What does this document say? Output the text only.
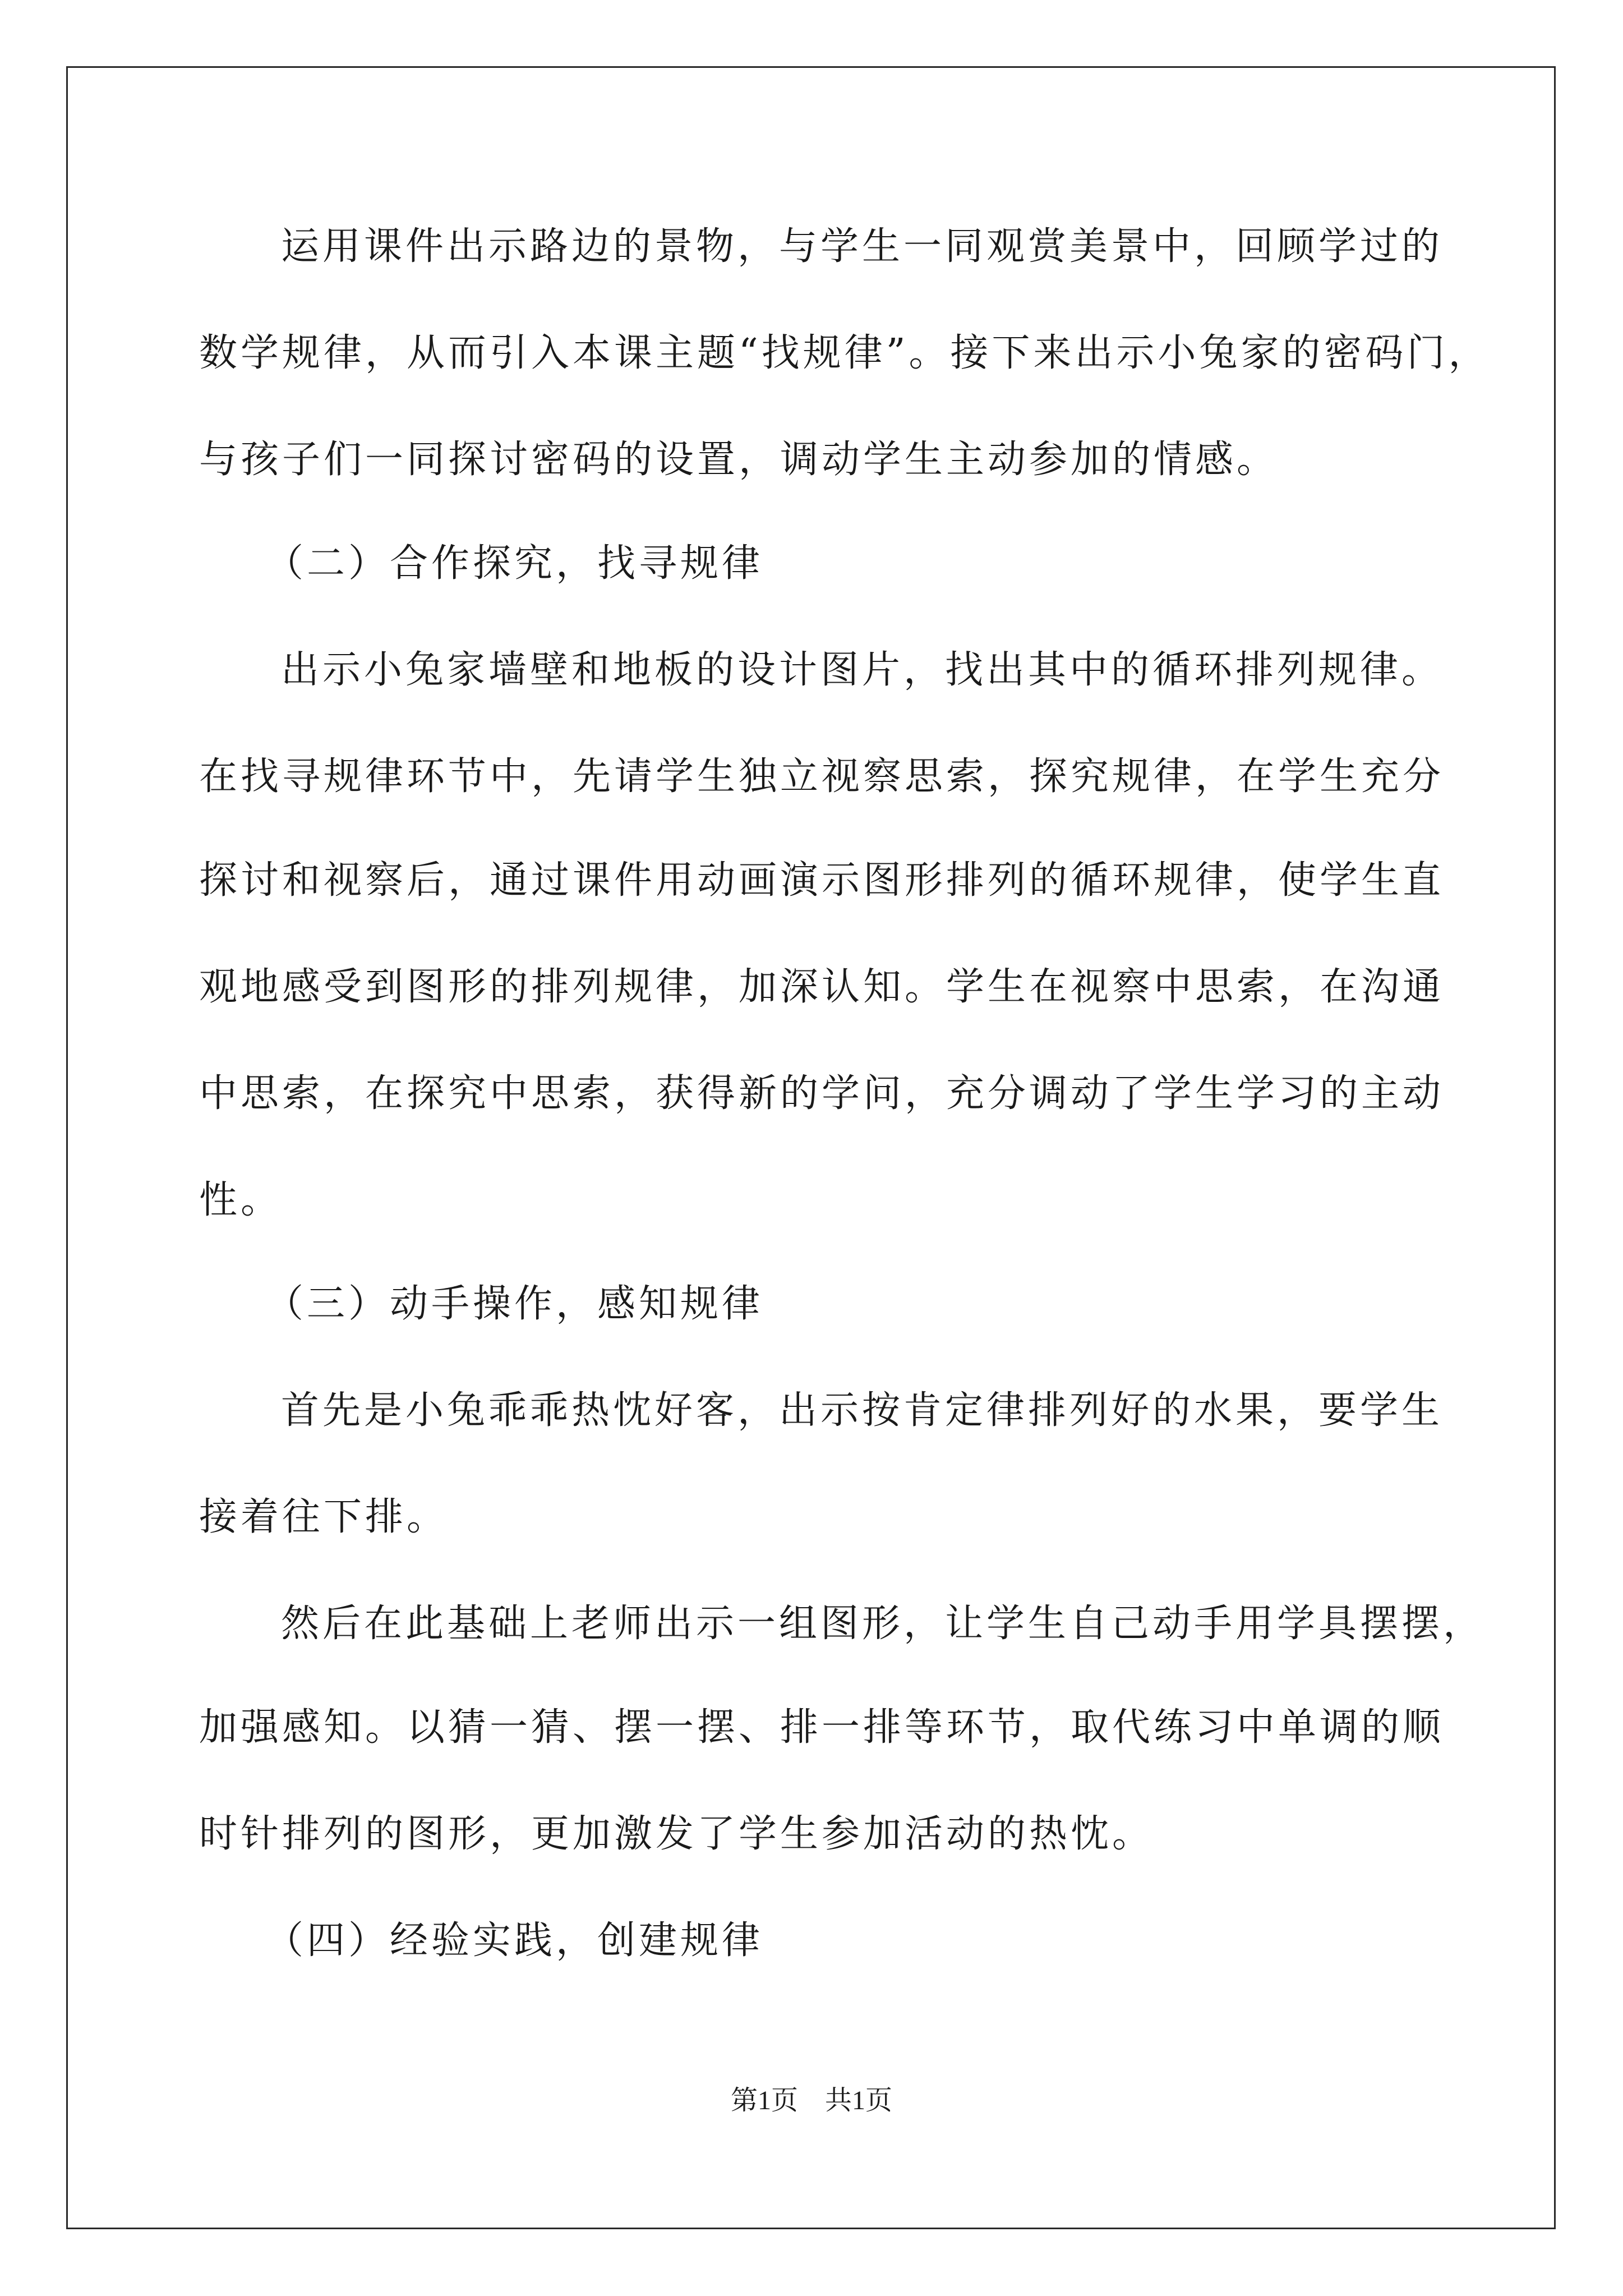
运用课件出示路边的景物，与学生一同观赏美景中，回顾学过的
数学规律，从而引入本课主题“找规律”。接下来出示小兔家的密码门，
与孩子们一同探讨密码的设置，调动学生主动参加的情感。
（二）合作探究，找寻规律
出示小兔家墙壁和地板的设计图片，找出其中的循环排列规律。
在找寻规律环节中，先请学生独立视察思索，探究规律，在学生充分
探讨和视察后，通过课件用动画演示图形排列的循环规律，使学生直
观地感受到图形的排列规律，加深认知。学生在视察中思索，在沟通
中思索，在探究中思索，获得新的学问，充分调动了学生学习的主动
性。
（三）动手操作，感知规律
首先是小兔乖乖热忱好客，出示按肯定律排列好的水果，要学生
接着往下排。
然后在此基础上老师出示一组图形，让学生自己动手用学具摆摆，
加强感知。以猜一猜、摆一摆、排一排等环节，取代练习中单调的顺
时针排列的图形，更加激发了学生参加活动的热忱。
（四）经验实践，创建规律
第1页　共1页
